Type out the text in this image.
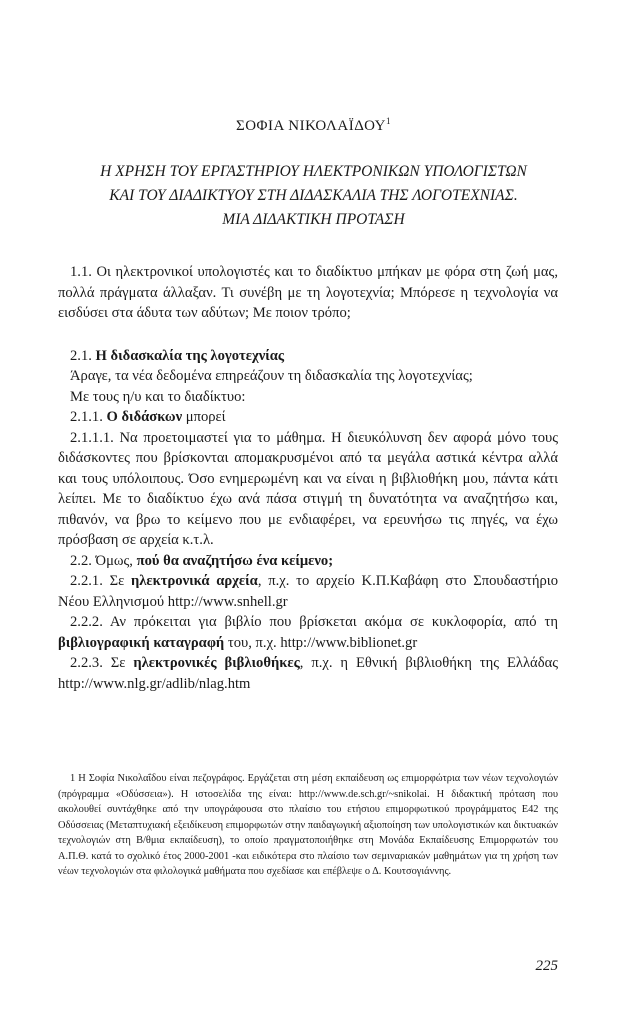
ΣΟΦΙΑ ΝΙΚΟΛΑΪΔΟΥ$^1$
Η ΧΡΗΣΗ ΤΟΥ ΕΡΓΑΣΤΗΡΙΟΥ ΗΛΕΚΤΡΟΝΙΚΩΝ ΥΠΟΛΟΓΙΣΤΩΝ
ΚΑΙ ΤΟΥ ΔΙΑΔΙΚΤΥΟΥ ΣΤΗ ΔΙΔΑΣΚΑΛΙΑ ΤΗΣ ΛΟΓΟΤΕΧΝΙΑΣ.
ΜΙΑ ΔΙΔΑΚΤΙΚΗ ΠΡΟΤΑΣΗ

1.1. Οι ηλεκτρονικοί υπολογιστές και το διαδίκτυο μπήκαν με φόρα στη ζωή μας, πολλά πράγματα άλλαξαν. Τι συνέβη με τη λογοτεχνία; Μπόρεσε η τεχνολογία να εισδύσει στα άδυτα των αδύτων; Με ποιον τρόπο;

2.1. Η διδασκαλία της λογοτεχνίας

Άραγε, τα νέα δεδομένα επηρεάζουν τη διδασκαλία της λογοτεχνίας;

Με τους η/υ και το διαδίκτυο:

2.1.1. Ο διδάσκων μπορεί

2.1.1.1. Να προετοιμαστεί για το μάθημα. Η διευκόλυνση δεν αφορά μόνο τους διδάσκοντες που βρίσκονται απομακρυσμένοι από τα μεγάλα αστικά κέντρα αλλά και τους υπόλοιπους. Όσο ενημερωμένη και να είναι η βιβλιοθήκη μου, πάντα κάτι λείπει. Με το διαδίκτυο έχω ανά πάσα στιγμή τη δυνατότητα να αναζητήσω και, πιθανόν, να βρω το κείμενο που με ενδιαφέρει, να ερευνήσω τις πηγές, να έχω πρόσβαση σε αρχεία κ.τ.λ.

2.2. Όμως, πού θα αναζητήσω ένα κείμενο;

2.2.1. Σε ηλεκτρονικά αρχεία, π.χ. το αρχείο Κ.Π.Καβάφη στο Σπουδαστήριο Νέου Ελληνισμού http://www.snhell.gr

2.2.2. Αν πρόκειται για βιβλίο που βρίσκεται ακόμα σε κυκλοφορία, από τη βιβλιογραφική καταγραφή του, π.χ. http://www.biblionet.gr

2.2.3. Σε ηλεκτρονικές βιβλιοθήκες, π.χ. η Εθνική βιβλιοθήκη της Ελλάδας http://www.nlg.gr/adlib/nlag.htm

1 Η Σοφία Νικολαΐδου είναι πεζογράφος. Εργάζεται στη μέση εκπαίδευση ως επιμορφώτρια των νέων τεχνολογιών (πρόγραμμα «Οδύσσεια»). Η ιστοσελίδα της είναι: http://www.de.sch.gr/~snikolai. Η διδακτική πρόταση που ακολουθεί συντάχθηκε από την υπογράφουσα στο πλαίσιο του ετήσιου επιμορφωτικού προγράμματος Ε42 της Οδύσσειας (Μεταπτυχιακή εξειδίκευση επιμορφωτών στην παιδαγωγική αξιοποίηση των υπολογιστικών και δικτυακών τεχνολογιών στη Β/θμια εκπαίδευση), το οποίο πραγματοποιήθηκε στη Μονάδα Εκπαίδευσης Επιμορφωτών του Α.Π.Θ. κατά το σχολικό έτος 2000-2001 -και ειδικότερα στο πλαίσιο των σεμιναριακών μαθημάτων για τη χρήση των νέων τεχνολογιών στα φιλολογικά μαθήματα που σχεδίασε και επέβλεψε ο Δ. Κουτσογιάννης.

225
